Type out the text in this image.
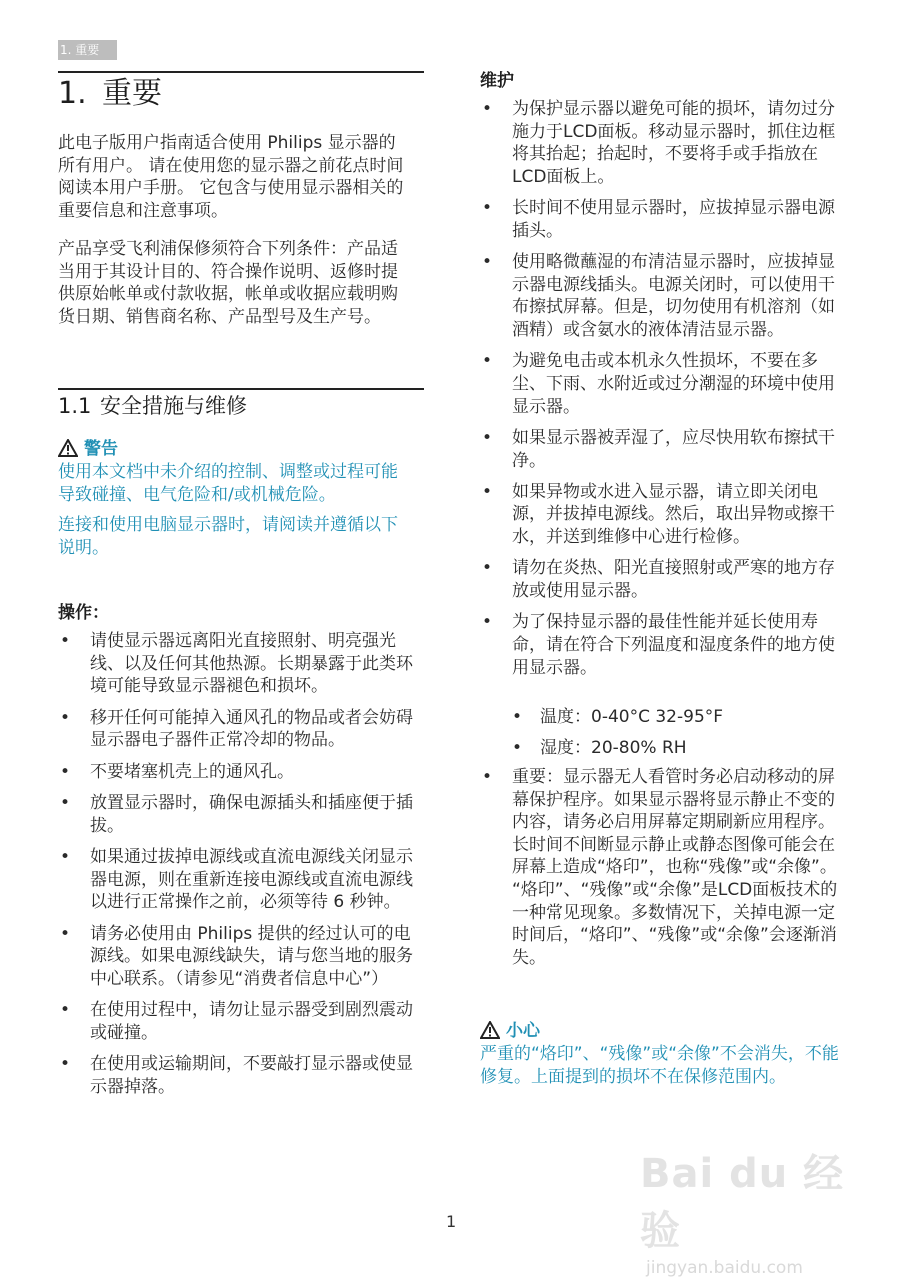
1. 重要
1. 重要

此电子版用户指南适合使用 Philips 显示器的所有用户。 请在使用您的显示器之前花点时间阅读本用户手册。 它包含与使用显示器相关的重要信息和注意事项。

产品享受飞利浦保修须符合下列条件：产品适当用于其设计目的、符合操作说明、返修时提供原始帐单或付款收据，帐单或收据应载明购货日期、销售商名称、产品型号及生产号。

1.1 安全措施与维修
警告

使用本文档中未介绍的控制、调整或过程可能导致碰撞、电气危险和/或机械危险。

连接和使用电脑显示器时，请阅读并遵循以下说明。

操作：
• 请使显示器远离阳光直接照射、明亮强光线、以及任何其他热源。长期暴露于此类环境可能导致显示器褪色和损坏。
• 移开任何可能掉入通风孔的物品或者会妨碍显示器电子器件正常冷却的物品。
• 不要堵塞机壳上的通风孔。
• 放置显示器时，确保电源插头和插座便于插拔。
• 如果通过拔掉电源线或直流电源线关闭显示器电源，则在重新连接电源线或直流电源线以进行正常操作之前，必须等待 6 秒钟。
• 请务必使用由 Philips 提供的经过认可的电源线。如果电源线缺失，请与您当地的服务中心联系。（请参见“消费者信息中心”）
• 在使用过程中，请勿让显示器受到剧烈震动或碰撞。
• 在使用或运输期间，不要敲打显示器或使显示器掉落。
维护
• 为保护显示器以避免可能的损坏，请勿过分施力于LCD面板。移动显示器时，抓住边框将其抬起；抬起时，不要将手或手指放在LCD面板上。
• 长时间不使用显示器时，应拔掉显示器电源插头。
• 使用略微蘸湿的布清洁显示器时，应拔掉显示器电源线插头。电源关闭时，可以使用干布擦拭屏幕。但是，切勿使用有机溶剂（如酒精）或含氨水的液体清洁显示器。
• 为避免电击或本机永久性损坏，不要在多尘、下雨、水附近或过分潮湿的环境中使用显示器。
• 如果显示器被弄湿了，应尽快用软布擦拭干净。
• 如果异物或水进入显示器，请立即关闭电源，并拔掉电源线。然后，取出异物或擦干水，并送到维修中心进行检修。
• 请勿在炎热、阳光直接照射或严寒的地方存放或使用显示器。
• 为了保持显示器的最佳性能并延长使用寿命，请在符合下列温度和湿度条件的地方使用显示器。
• 温度：0-40°C 32-95°F
• 湿度：20-80% RH
• 重要：显示器无人看管时务必启动移动的屏幕保护程序。如果显示器将显示静止不变的内容，请务必启用屏幕定期刷新应用程序。长时间不间断显示静止或静态图像可能会在屏幕上造成“烙印”，也称“残像”或“余像”。 “烙印”、“残像”或“余像”是LCD面板技术的一种常见现象。多数情况下，关掉电源一定时间后，“烙印”、“残像”或“余像”会逐渐消失。
小心

严重的“烙印”、“残像”或“余像”不会消失，不能修复。上面提到的损坏不在保修范围内。

1
Bai du 经验
jingyan.baidu.com
